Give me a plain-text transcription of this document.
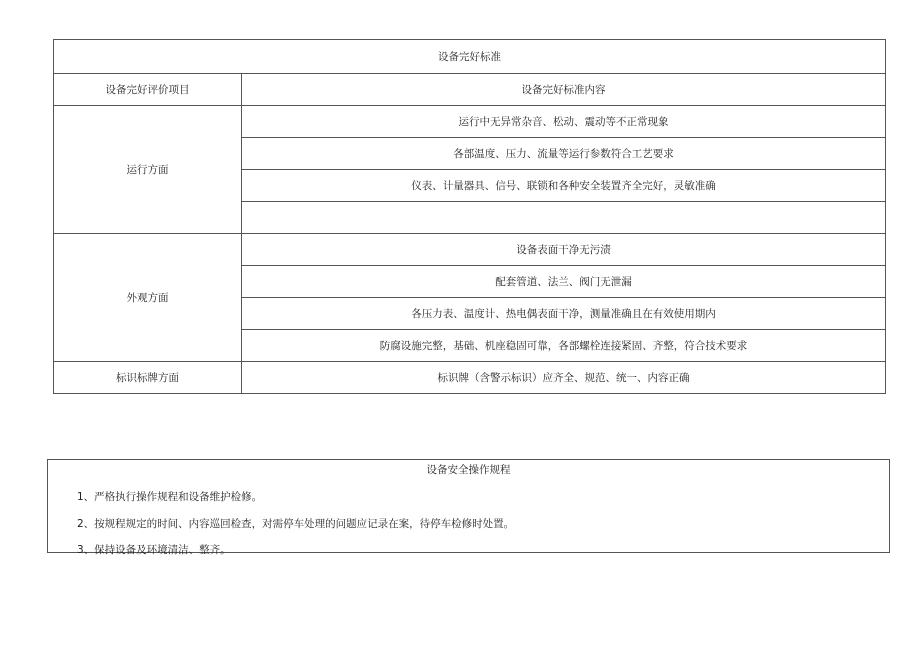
设备完好标准	
设备完好评价项目	设备完好标准内容
运行方面	运行中无异常杂音、松动、震动等不正常现象
	各部温度、压力、流量等运行参数符合工艺要求
	仪表、计量器具、信号、联锁和各种安全装置齐全完好，灵敏准确

外观方面	设备表面干净无污渍
	配套管道、法兰、阀门无泄漏
	各压力表、温度计、热电偶表面干净，测量准确且在有效使用期内
	防腐设施完整，基础、机座稳固可靠，各部螺栓连接紧固、齐整，符合技术要求
标识标牌方面	标识牌（含警示标识）应齐全、规范、统一、内容正确
设备安全操作规程
1、严格执行操作规程和设备维护检修。
2、按规程规定的时间、内容巡回检查，对需停车处理的问题应记录在案，待停车检修时处置。
3、保持设备及环境清洁、整齐。
